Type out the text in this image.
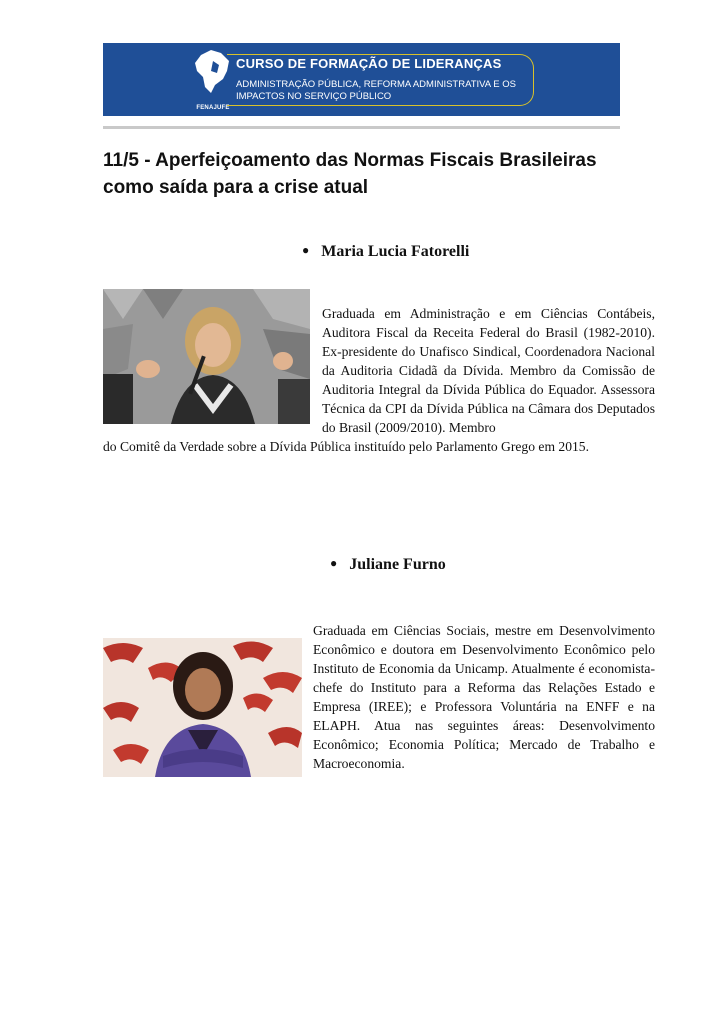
FENAJUFE
CURSO DE FORMAÇÃO DE LIDERANÇAS
ADMINISTRAÇÃO PÚBLICA, REFORMA ADMINISTRATIVA E OS IMPACTOS NO SERVIÇO PÚBLICO
11/5 - Aperfeiçoamento das Normas Fiscais Brasileiras como saída para a crise atual
● Maria Lucia Fatorelli
Graduada em Administração e em Ciências Contábeis, Auditora Fiscal da Receita Federal do Brasil (1982-2010). Ex-presidente do Unafisco Sindical, Coordenadora Nacional da Auditoria Cidadã da Dívida. Membro da Comissão de Auditoria Integral da Dívida Pública do Equador. Assessora Técnica da CPI da Dívida Pública na Câmara dos Deputados do Brasil (2009/2010). Membro
do Comitê da Verdade sobre a Dívida Pública instituído pelo Parlamento Grego em 2015.
● Juliane Furno
Graduada em Ciências Sociais, mestre em Desenvolvimento Econômico e doutora em Desenvolvimento Econômico pelo Instituto de Economia da Unicamp. Atualmente é economista-chefe do Instituto para a Reforma das Relações Estado e Empresa (IREE); e Professora Voluntária na ENFF e na ELAPH. Atua nas seguintes áreas: Desenvolvimento Econômico; Economia Política; Mercado de Trabalho e Macroeconomia.
